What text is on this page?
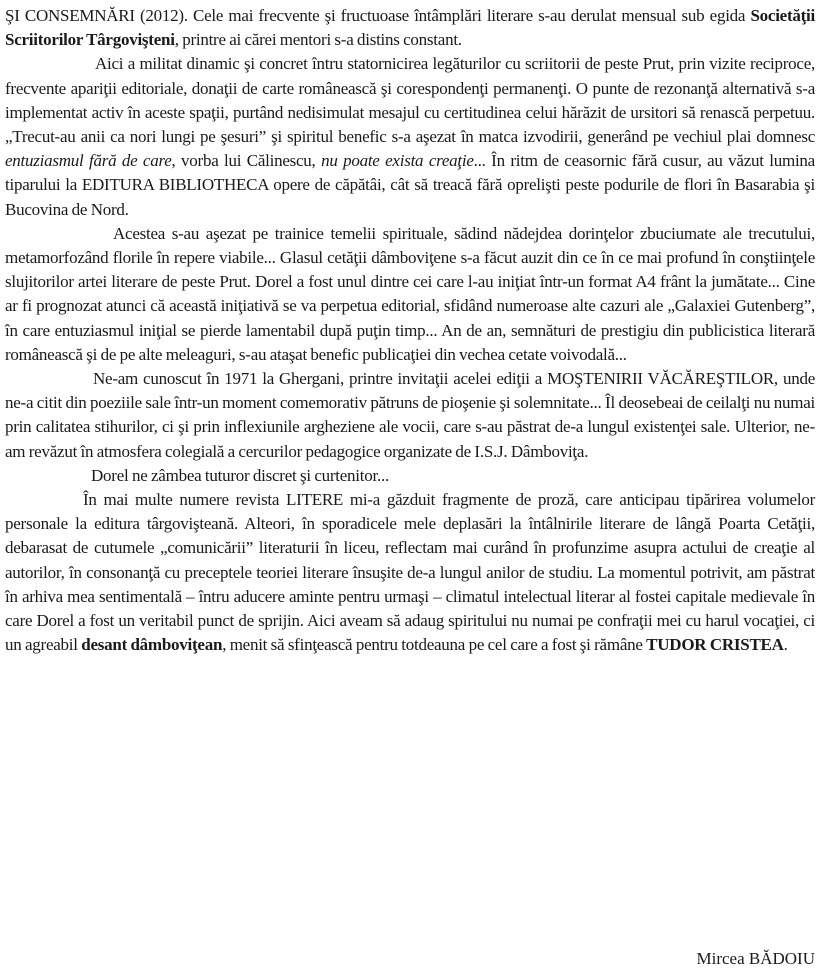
ŞI CONSEMNĂRI (2012). Cele mai frecvente şi fructuoase întâmplări literare s-au derulat mensual sub egida Societăţii Scriitorilor Târgovişteni, printre ai cărei mentori s-a distins constant.

Aici a militat dinamic şi concret întru statornicirea legăturilor cu scriitorii de peste Prut, prin vizite reciproce, frecvente apariţii editoriale, donaţii de carte românească şi corespondenţi permanenţi. O punte de rezonanţă alternativă s-a implementat activ în aceste spaţii, purtând nedisimulat mesajul cu certitudinea celui hărăzit de ursitori să renască perpetuu. „Trecut-au anii ca nori lungi pe şesuri” şi spiritul benefic s-a aşezat în matca izvodirii, generând pe vechiul plai domnesc entuziasmul fără de care, vorba lui Călinescu, nu poate exista creaţie... În ritm de ceasornic fără cusur, au văzut lumina tiparului la EDITURA BIBLIOTHECA opere de căpătâi, cât să treacă fără oprelişti peste podurile de flori în Basarabia şi Bucovina de Nord.

Acestea s-au aşezat pe trainice temelii spirituale, sădind nădejdea dorinţelor zbuciumate ale trecutului, metamorfozând florile în repere viabile... Glasul cetăţii dâmboviţene s-a făcut auzit din ce în ce mai profund în conştiinţele slujitorilor artei literare de peste Prut. Dorel a fost unul dintre cei care l-au iniţiat într-un format A4 frânt la jumătate... Cine ar fi prognozat atunci că această iniţiativă se va perpetua editorial, sfidând numeroase alte cazuri ale „Galaxiei Gutenberg”, în care entuziasmul iniţial se pierde lamentabil după puţin timp... An de an, semnături de prestigiu din publicistica literară românească şi de pe alte meleaguri, s-au ataşat benefic publicaţiei din vechea cetate voivodală...

Ne-am cunoscut în 1971 la Ghergani, printre invitaţii acelei ediţii a MOŞTENIRII VĂCĂREŞTILOR, unde ne-a citit din poeziile sale într-un moment comemorativ pătruns de pioşenie şi solemnitate... Îl deosebeai de ceilalţi nu numai prin calitatea stihurilor, ci şi prin inflexiunile argheziene ale vocii, care s-au păstrat de-a lungul existenţei sale. Ulterior, ne-am revăzut în atmosfera colegială a cercurilor pedagogice organizate de I.S.J. Dâmboviţa.

Dorel ne zâmbea tuturor discret şi curtenitor...

În mai multe numere revista LITERE mi-a găzduit fragmente de proză, care anticipau tipărirea volumelor personale la editura târgovişteană. Alteori, în sporadicele mele deplasări la întâlnirile literare de lângă Poarta Cetăţii, debarasat de cutumele „comunicării” literaturii în liceu, reflectam mai curând în profunzime asupra actului de creaţie al autorilor, în consonanţă cu preceptele teoriei literare însuşite de-a lungul anilor de studiu. La momentul potrivit, am păstrat în arhiva mea sentimentală – întru aducere aminte pentru urmaşi – climatul intelectual literar al fostei capitale medievale în care Dorel a fost un veritabil punct de sprijin. Aici aveam să adaug spiritului nu numai pe confraţii mei cu harul vocaţiei, ci un agreabil desant dâmboviţean, menit să sfinţească pentru totdeauna pe cel care a fost şi rămâne TUDOR CRISTEA.

Mircea BĂDOIU
